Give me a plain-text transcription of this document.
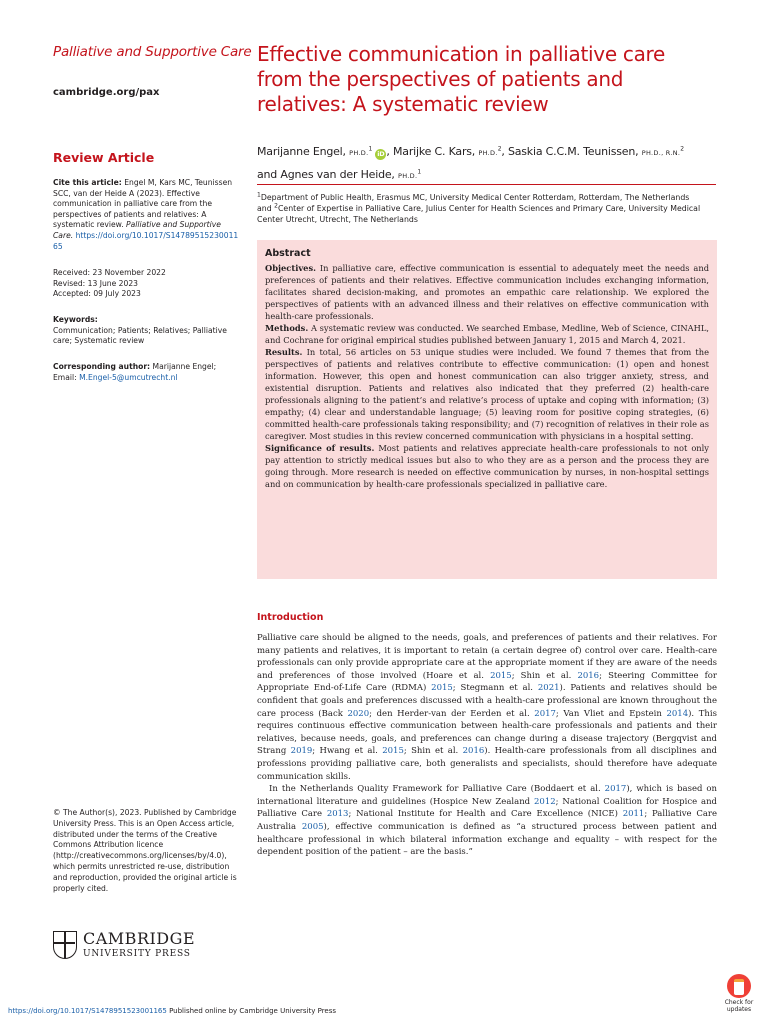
Palliative and Supportive Care
cambridge.org/pax
Review Article
Cite this article: Engel M, Kars MC, Teunissen SCC, van der Heide A (2023). Effective communication in palliative care from the perspectives of patients and relatives: A systematic review. Palliative and Supportive Care. https://doi.org/10.1017/S1478951523001165
Received: 23 November 2022
Revised: 13 June 2023
Accepted: 09 July 2023
Keywords:
Communication; Patients; Relatives; Palliative care; Systematic review
Corresponding author: Marijanne Engel;
Email: M.Engel-5@umcutrecht.nl
© The Author(s), 2023. Published by Cambridge University Press. This is an Open Access article, distributed under the terms of the Creative Commons Attribution licence (http://creativecommons.org/licenses/by/4.0), which permits unrestricted re-use, distribution and reproduction, provided the original article is properly cited.
CAMBRIDGE
UNIVERSITY PRESS
Effective communication in palliative care
from the perspectives of patients and
relatives: A systematic review
Marijanne Engel, PH.D.$^1$ iD , Marijke C. Kars, PH.D.$^2$, Saskia C.C.M. Teunissen, PH.D., R.N.$^2$
and Agnes van der Heide, PH.D.$^1$
$^1$Department of Public Health, Erasmus MC, University Medical Center Rotterdam, Rotterdam, The Netherlands
and $^2$Center of Expertise in Palliative Care, Julius Center for Health Sciences and Primary Care, University Medical Center Utrecht, Utrecht, The Netherlands
Abstract

Objectives. In palliative care, effective communication is essential to adequately meet the needs and preferences of patients and their relatives. Effective communication includes exchanging information, facilitates shared decision-making, and promotes an empathic care relationship. We explored the perspectives of patients with an advanced illness and their relatives on effective communication with health-care professionals.

Methods. A systematic review was conducted. We searched Embase, Medline, Web of Science, CINAHL, and Cochrane for original empirical studies published between January 1, 2015 and March 4, 2021.

Results. In total, 56 articles on 53 unique studies were included. We found 7 themes that from the perspectives of patients and relatives contribute to effective communication: (1) open and honest information. However, this open and honest communication can also trigger anxiety, stress, and existential disruption. Patients and relatives also indicated that they preferred (2) health-care professionals aligning to the patient’s and relative’s process of uptake and coping with information; (3) empathy; (4) clear and understandable language; (5) leaving room for positive coping strategies, (6) committed health-care professionals taking responsibility; and (7) recognition of relatives in their role as caregiver. Most studies in this review concerned communication with physicians in a hospital setting.

Significance of results. Most patients and relatives appreciate health-care professionals to not only pay attention to strictly medical issues but also to who they are as a person and the process they are going through. More research is needed on effective communication by nurses, in non-hospital settings and on communication by health-care professionals specialized in palliative care.

Introduction

Palliative care should be aligned to the needs, goals, and preferences of patients and their relatives. For many patients and relatives, it is important to retain (a certain degree of) control over care. Health-care professionals can only provide appropriate care at the appropriate moment if they are aware of the needs and preferences of those involved (Hoare et al. 2015; Shin et al. 2016; Steering Committee for Appropriate End-of-Life Care (RDMA) 2015; Stegmann et al. 2021). Patients and relatives should be confident that goals and preferences discussed with a health-care professional are known throughout the care process (Back 2020; den Herder-van der Eerden et al. 2017; Van Vliet and Epstein 2014). This requires continuous effective communication between health-care professionals and patients and their relatives, because needs, goals, and preferences can change during a disease trajectory (Bergqvist and Strang 2019; Hwang et al. 2015; Shin et al. 2016). Health-care professionals from all disciplines and professions providing palliative care, both generalists and specialists, should therefore have adequate communication skills.

In the Netherlands Quality Framework for Palliative Care (Boddaert et al. 2017), which is based on international literature and guidelines (Hospice New Zealand 2012; National Coalition for Hospice and Palliative Care 2013; National Institute for Health and Care Excellence (NICE) 2011; Palliative Care Australia 2005), effective communication is defined as “a structured process between patient and healthcare professional in which bilateral information exchange and equality – with respect for the dependent position of the patient – are the basis.”

https://doi.org/10.1017/S1478951523001165 Published online by Cambridge University Press
Check for
updates
